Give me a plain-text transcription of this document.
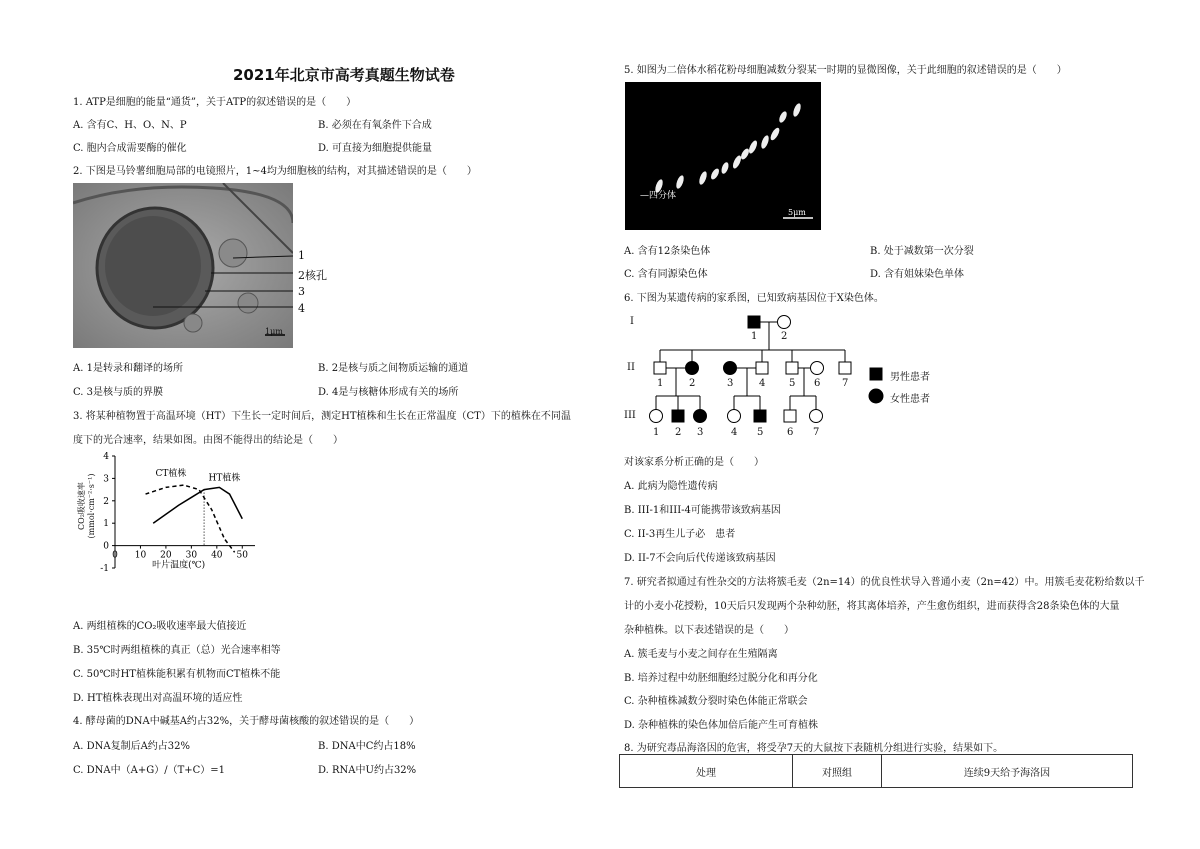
2021年北京市高考真题生物试卷
1. ATP是细胞的能量“通货”，关于ATP的叙述错误的是（　　）
A. 含有C、H、O、N、P	B. 必须在有氧条件下合成
C. 胞内合成需要酶的催化	D. 可直接为细胞提供能量
2. 下图是马铃薯细胞局部的电镜照片，1~4均为细胞核的结构，对其描述错误的是（　　）
1
2核孔
3
4
1μm
A. 1是转录和翻译的场所	B. 2是核与质之间物质运输的通道
C. 3是核与质的界膜	D. 4是与核糖体形成有关的场所
3. 将某种植物置于高温环境（HT）下生长一定时间后，测定HT植株和生长在正常温度（CT）下的植株在不同温
度下的光合速率，结果如图。由图不能得出的结论是（　　）
-1
0
1
2
3
4
0 10 20 30 40 50
CT植株 HT植株
叶片温度(℃)
CO₂吸收速率 (mmol·cm⁻²·s⁻¹)
A. 两组植株的CO₂吸收速率最大值接近
B. 35℃时两组植株的真正（总）光合速率相等
C. 50℃时HT植株能积累有机物而CT植株不能
D. HT植株表现出对高温环境的适应性
4. 酵母菌的DNA中碱基A约占32%，关于酵母菌核酸的叙述错误的是（　　）
A. DNA复制后A约占32%	B. DNA中C约占18%
C. DNA中（A+G）/（T+C）=1	D. RNA中U约占32%
5. 如图为二倍体水稻花粉母细胞减数分裂某一时期的显微图像，关于此细胞的叙述错误的是（　　）
—四分体
5μm
A. 含有12条染色体	B. 处于减数第一次分裂
C. 含有同源染色体	D. 含有姐妹染色单体
6. 下图为某遗传病的家系图，已知致病基因位于X染色体。
I
II
III
男性患者
女性患者
1 2
1	2	3	4 5 6 7
1 2 3	4 5 6 7
对该家系分析正确的是（　　）
A. 此病为隐性遗传病
B. III-1和III-4可能携带该致病基因
C. II-3再生儿子必　患者
D. II-7不会向后代传递该致病基因
7. 研究者拟通过有性杂交的方法将簇毛麦（2n=14）的优良性状导入普通小麦（2n=42）中。用簇毛麦花粉给数以千
计的小麦小花授粉，10天后只发现两个杂种幼胚，将其离体培养，产生愈伤组织，进而获得含28条染色体的大量
杂种植株。以下表述错误的是（　　）
A. 簇毛麦与小麦之间存在生殖隔离
B. 培养过程中幼胚细胞经过脱分化和再分化
C. 杂种植株减数分裂时染色体能正常联会
D. 杂种植株的染色体加倍后能产生可育植株
8. 为研究毒品海洛因的危害，将受孕7天的大鼠按下表随机分组进行实验，结果如下。
处理	对照组	连续9天给予海洛因
